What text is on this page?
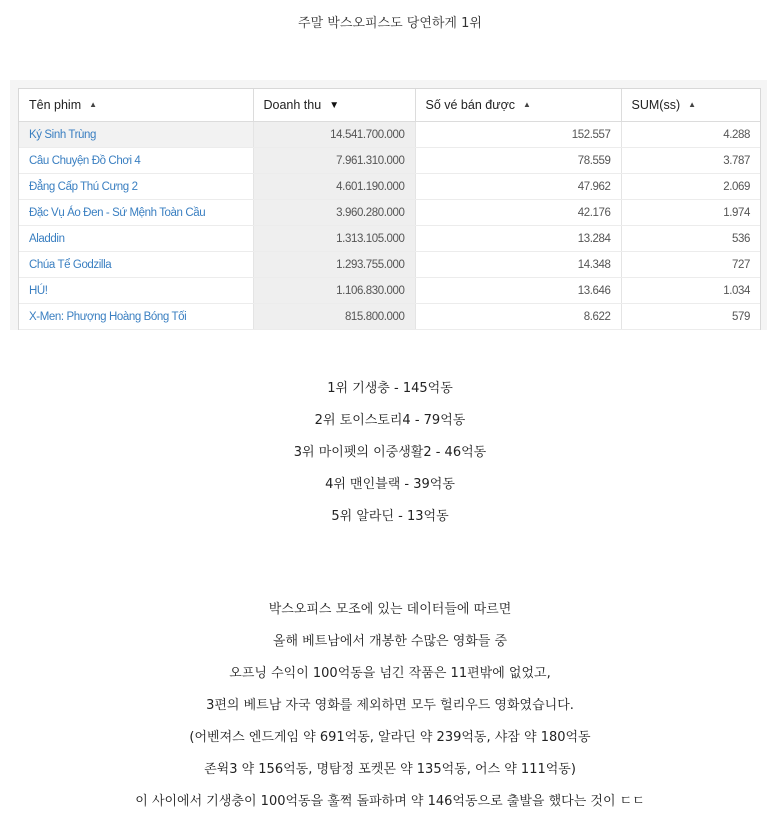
주말 박스오피스도 당연하게 1위
Tên phim ▲	Doanh thu ▼	Số vé bán được ▲	SUM(ss) ▲
Ký Sinh Trùng	14.541.700.000	152.557	4.288
Câu Chuyện Đồ Chơi 4	7.961.310.000	78.559	3.787
Đẳng Cấp Thú Cưng 2	4.601.190.000	47.962	2.069
Đặc Vụ Áo Đen - Sứ Mệnh Toàn Cầu	3.960.280.000	42.176	1.974
Aladdin	1.313.105.000	13.284	536
Chúa Tể Godzilla	1.293.755.000	14.348	727
HÚ!	1.106.830.000	13.646	1.034
X-Men: Phượng Hoàng Bóng Tối	815.800.000	8.622	579
1위 기생충 - 145억동
2위 토이스토리4 - 79억동
3위 마이펫의 이중생활2 - 46억동
4위 맨인블랙 - 39억동
5위 알라딘 - 13억동
박스오피스 모조에 있는 데이터들에 따르면
올해 베트남에서 개봉한 수많은 영화들 중
오프닝 수익이 100억동을 넘긴 작품은 11편밖에 없었고,
3편의 베트남 자국 영화를 제외하면 모두 헐리우드 영화였습니다.
(어벤져스 엔드게임 약 691억동, 알라딘 약 239억동, 샤잠 약 180억동
존윅3 약 156억동, 명탐정 포켓몬 약 135억동, 어스 약 111억동)
이 사이에서 기생충이 100억동을 훌쩍 돌파하며 약 146억동으로 출발을 했다는 것이 ㄷㄷ
